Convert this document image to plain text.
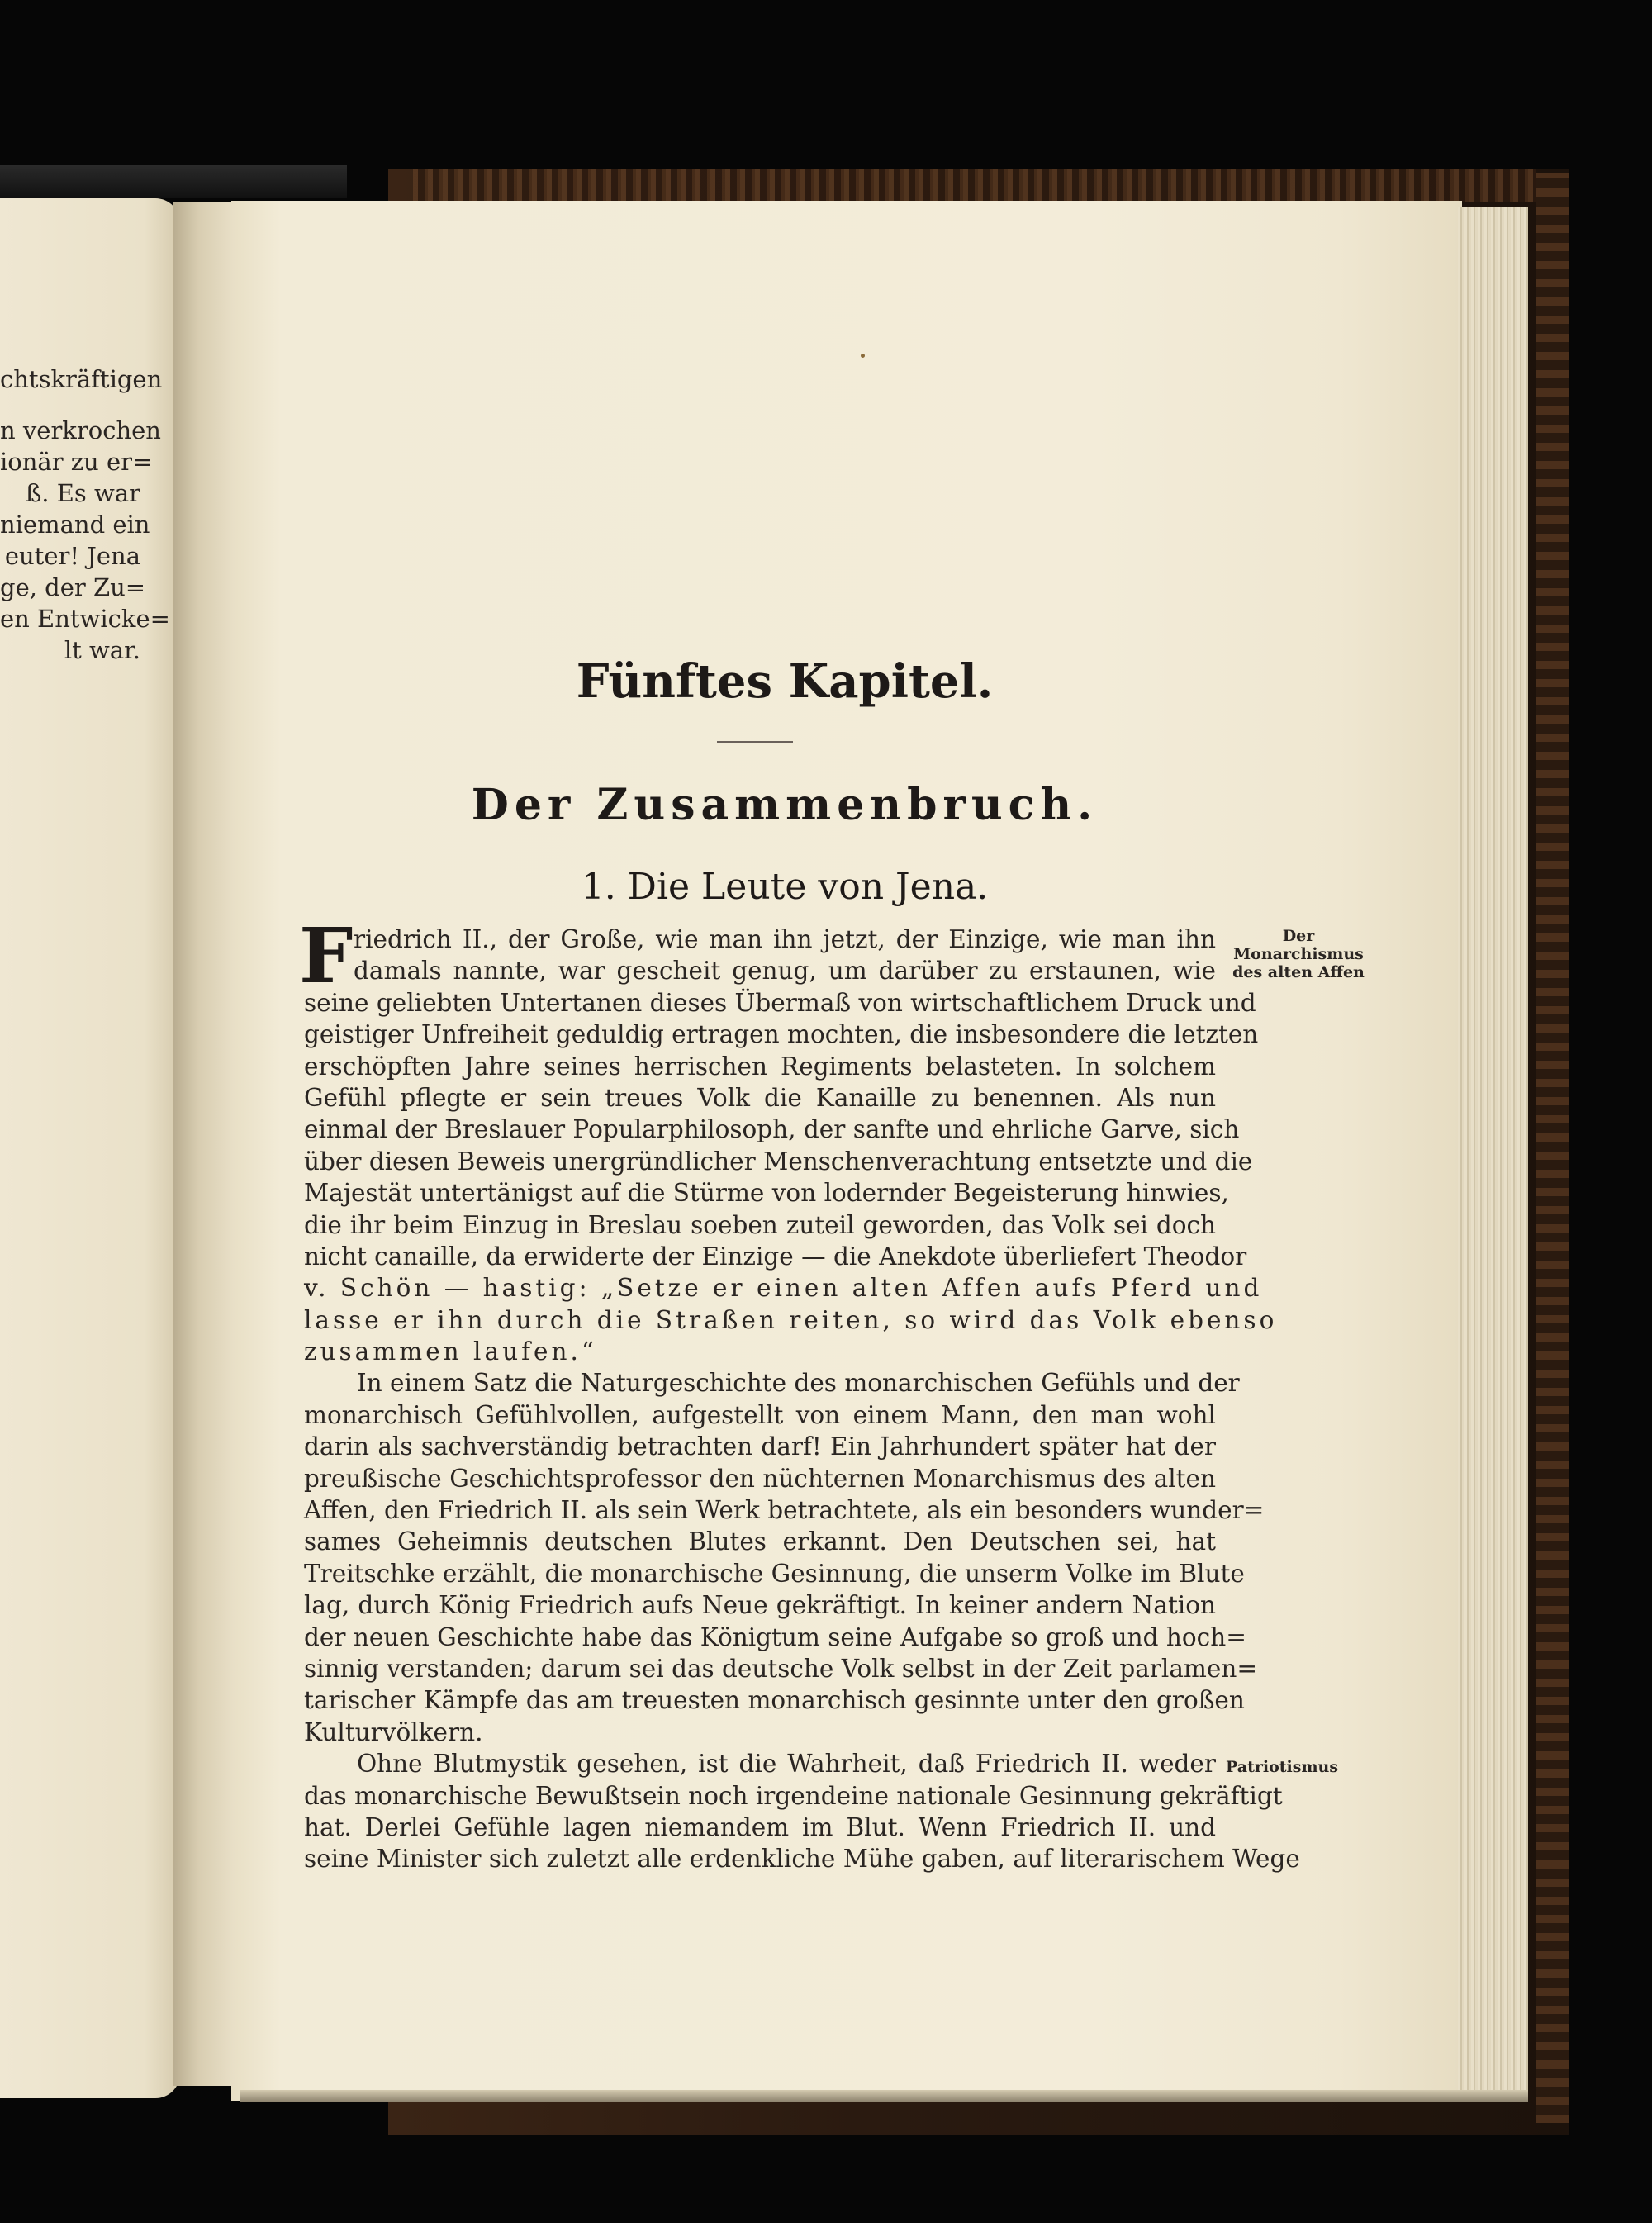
chtskräftigen
n verkrochen
ionär zu er=
ß. Es war
niemand ein
euter! Jena
ge, der Zu=
en Entwicke=
lt war.
Fünftes Kapitel.
Der Zusammenbruch.
1. Die Leute von Jena.
Der
Monarchismus
des alten Affen
Patriotismus
F riedrich II., der Große, wie man ihn jetzt, der Einzige, wie man ihn
damals nannte, war gescheit genug, um darüber zu erstaunen, wie
seine geliebten Untertanen dieses Übermaß von wirtschaftlichem Druck und
geistiger Unfreiheit geduldig ertragen mochten, die insbesondere die letzten
erschöpften Jahre seines herrischen Regiments belasteten. In solchem
Gefühl pflegte er sein treues Volk die Kanaille zu benennen. Als nun
einmal der Breslauer Popularphilosoph, der sanfte und ehrliche Garve, sich
über diesen Beweis unergründlicher Menschenverachtung entsetzte und die
Majestät untertänigst auf die Stürme von lodernder Begeisterung hinwies,
die ihr beim Einzug in Breslau soeben zuteil geworden, das Volk sei doch
nicht canaille, da erwiderte der Einzige — die Anekdote überliefert Theodor
v. Schön — hastig: „Setze er einen alten Affen aufs Pferd und
lasse er ihn durch die Straßen reiten, so wird das Volk ebenso
zusammen laufen.“
In einem Satz die Naturgeschichte des monarchischen Gefühls und der
monarchisch Gefühlvollen, aufgestellt von einem Mann, den man wohl
darin als sachverständig betrachten darf! Ein Jahrhundert später hat der
preußische Geschichtsprofessor den nüchternen Monarchismus des alten
Affen, den Friedrich II. als sein Werk betrachtete, als ein besonders wunder=
sames Geheimnis deutschen Blutes erkannt. Den Deutschen sei, hat
Treitschke erzählt, die monarchische Gesinnung, die unserm Volke im Blute
lag, durch König Friedrich aufs Neue gekräftigt. In keiner andern Nation
der neuen Geschichte habe das Königtum seine Aufgabe so groß und hoch=
sinnig verstanden; darum sei das deutsche Volk selbst in der Zeit parlamen=
tarischer Kämpfe das am treuesten monarchisch gesinnte unter den großen
Kulturvölkern.
Ohne Blutmystik gesehen, ist die Wahrheit, daß Friedrich II. weder
das monarchische Bewußtsein noch irgendeine nationale Gesinnung gekräftigt
hat. Derlei Gefühle lagen niemandem im Blut. Wenn Friedrich II. und
seine Minister sich zuletzt alle erdenkliche Mühe gaben, auf literarischem Wege
